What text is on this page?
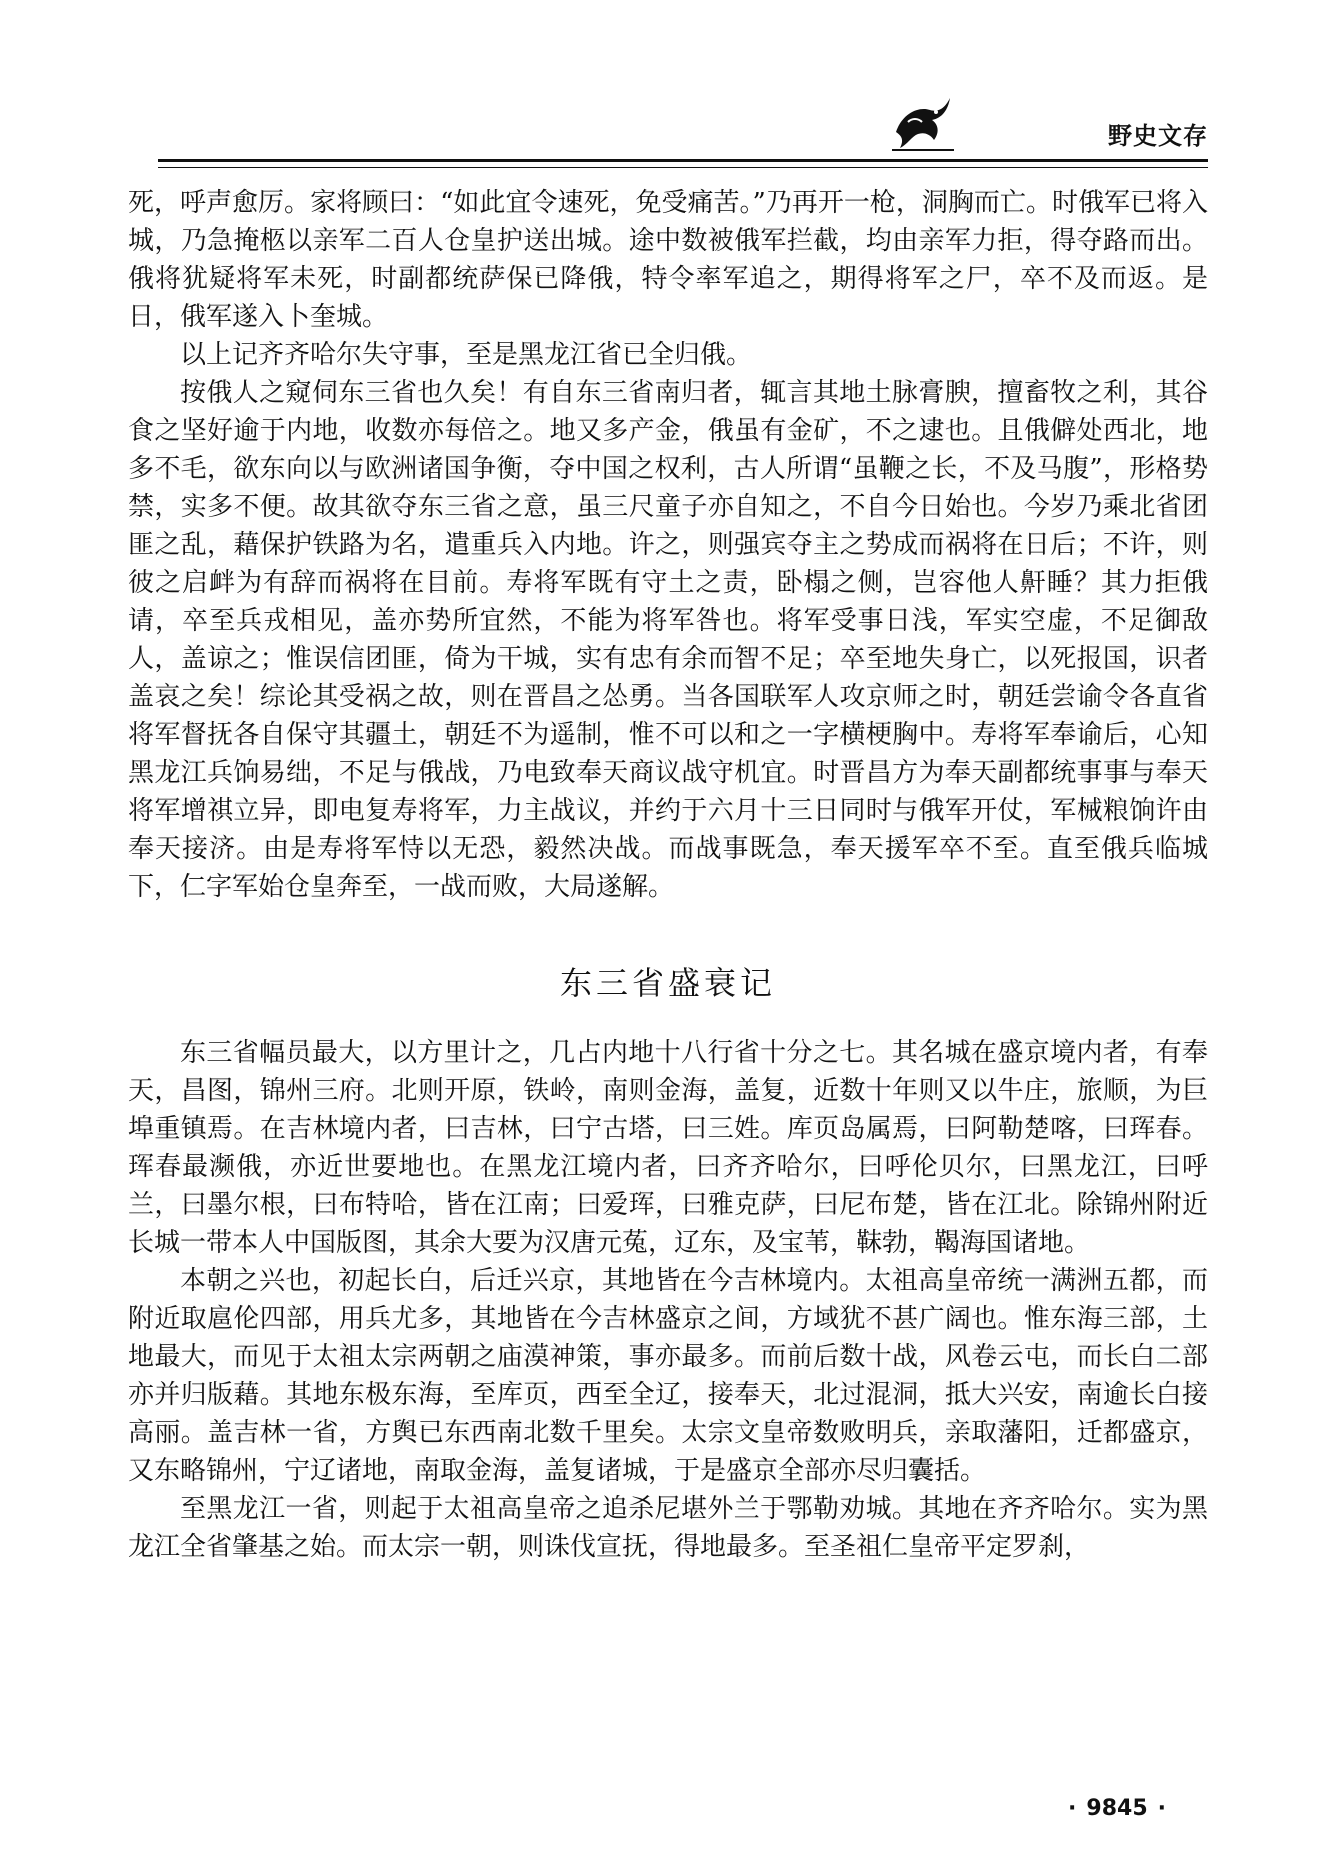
野史文存

死，呼声愈厉。家将顾曰：“如此宜令速死，免受痛苦。”乃再开一枪，洞胸而亡。时俄军已将入城，乃急掩柩以亲军二百人仓皇护送出城。途中数被俄军拦截，均由亲军力拒，得夺路而出。俄将犹疑将军未死，时副都统萨保已降俄，特令率军追之，期得将军之尸，卒不及而返。是日，俄军遂入卜奎城。

以上记齐齐哈尔失守事，至是黑龙江省已全归俄。

按俄人之窥伺东三省也久矣！有自东三省南归者，辄言其地土脉膏腴，擅畜牧之利，其谷食之坚好逾于内地，收数亦每倍之。地又多产金，俄虽有金矿，不之逮也。且俄僻处西北，地多不毛，欲东向以与欧洲诸国争衡，夺中国之权利，古人所谓“虽鞭之长，不及马腹”，形格势禁，实多不便。故其欲夺东三省之意，虽三尺童子亦自知之，不自今日始也。今岁乃乘北省团匪之乱，藉保护铁路为名，遣重兵入内地。许之，则强宾夺主之势成而祸将在日后；不许，则彼之启衅为有辞而祸将在目前。寿将军既有守土之责，卧榻之侧，岂容他人鼾睡？其力拒俄请，卒至兵戎相见，盖亦势所宜然，不能为将军咎也。将军受事日浅，军实空虚，不足御敌人，盖谅之；惟误信团匪，倚为干城，实有忠有余而智不足；卒至地失身亡，以死报国，识者盖哀之矣！综论其受祸之故，则在晋昌之怂勇。当各国联军人攻京师之时，朝廷尝谕令各直省将军督抚各自保守其疆土，朝廷不为遥制，惟不可以和之一字横梗胸中。寿将军奉谕后，心知黑龙江兵饷易绌，不足与俄战，乃电致奉天商议战守机宜。时晋昌方为奉天副都统事事与奉天将军增祺立异，即电复寿将军，力主战议，并约于六月十三日同时与俄军开仗，军械粮饷许由奉天接济。由是寿将军恃以无恐，毅然决战。而战事既急，奉天援军卒不至。直至俄兵临城下，仁字军始仓皇奔至，一战而败，大局遂解。

东三省盛衰记

东三省幅员最大，以方里计之，几占内地十八行省十分之七。其名城在盛京境内者，有奉天，昌图，锦州三府。北则开原，铁岭，南则金海，盖复，近数十年则又以牛庄，旅顺，为巨埠重镇焉。在吉林境内者，曰吉林，曰宁古塔，曰三姓。库页岛属焉，曰阿勒楚喀，曰珲春。珲春最濒俄，亦近世要地也。在黑龙江境内者，曰齐齐哈尔，曰呼伦贝尔，曰黑龙江，曰呼兰，曰墨尔根，曰布特哈，皆在江南；曰爱珲，曰雅克萨，曰尼布楚，皆在江北。除锦州附近长城一带本人中国版图，其余大要为汉唐元菟，辽东，及宝苇，靺勃，鞨海国诸地。

本朝之兴也，初起长白，后迁兴京，其地皆在今吉林境内。太祖高皇帝统一满洲五都，而附近取扈伦四部，用兵尤多，其地皆在今吉林盛京之间，方域犹不甚广阔也。惟东海三部，土地最大，而见于太祖太宗两朝之庙漠神策，事亦最多。而前后数十战，风卷云屯，而长白二部亦并归版藉。其地东极东海，至库页，西至全辽，接奉天，北过混洞，抵大兴安，南逾长白接高丽。盖吉林一省，方舆已东西南北数千里矣。太宗文皇帝数败明兵，亲取藩阳，迁都盛京，又东略锦州，宁辽诸地，南取金海，盖复诸城，于是盛京全部亦尽归囊括。

至黑龙江一省，则起于太祖高皇帝之追杀尼堪外兰于鄂勒劝城。其地在齐齐哈尔。实为黑龙江全省肇基之始。而太宗一朝，则诛伐宣抚，得地最多。至圣祖仁皇帝平定罗刹，

· 9845 ·
